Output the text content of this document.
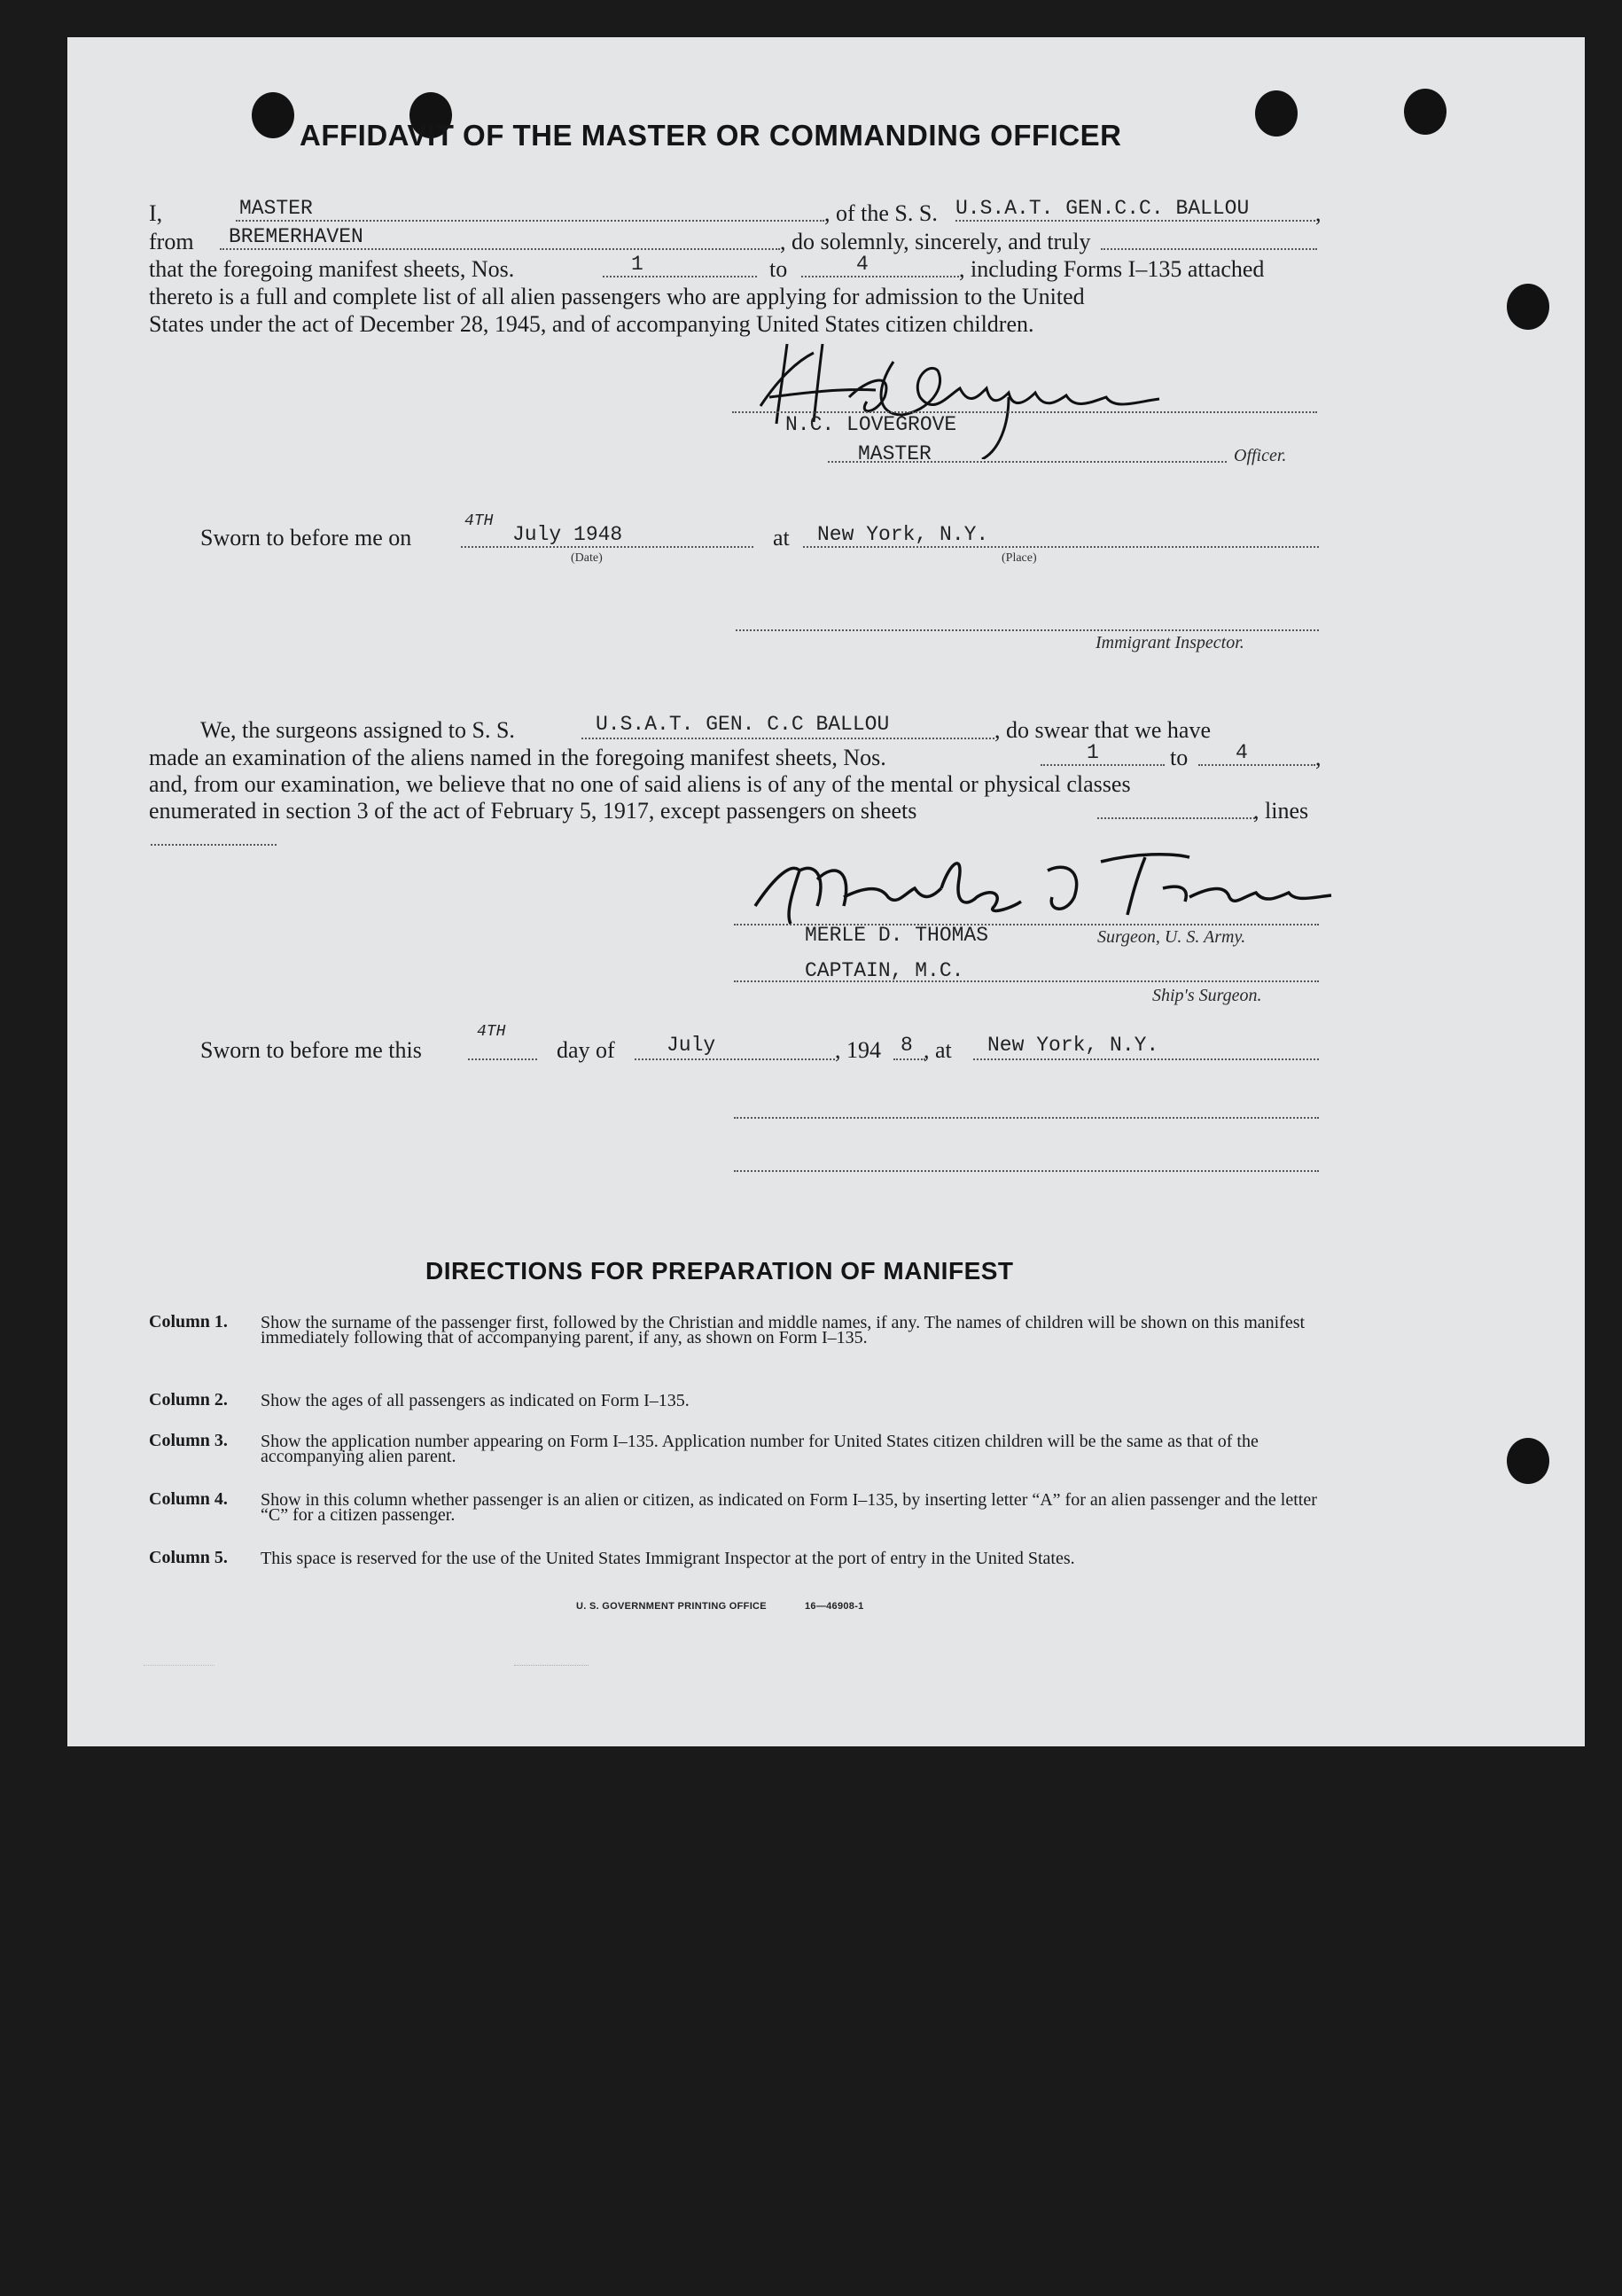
AFFIDAVIT OF THE MASTER OR COMMANDING OFFICER
I,	MASTER	, of the S. S. U.S.A.T. GEN.C.C. BALLOU	,
from BREMERHAVEN	, do solemnly, sincerely, and truly
that the foregoing manifest sheets, Nos.	1	to	4	, including Forms I–135 attached
thereto is a full and complete list of all alien passengers who are applying for admission to the United
States under the act of December 28, 1945, and of accompanying United States citizen children.
N.C. LOVEGROVE
MASTER	Officer.
Sworn to before me on
4TH
July 1948
(Date)
at New York, N.Y.
(Place)
Immigrant Inspector.
We, the surgeons assigned to S. S.	U.S.A.T. GEN. C.C BALLOU	, do swear that we have
made an examination of the aliens named in the foregoing manifest sheets, Nos.	1	to 4	,
and, from our examination, we believe that no one of said aliens is of any of the mental or physical classes
enumerated in section 3 of the act of February 5, 1917, except passengers on sheets	, lines
MERLE D. THOMAS	Surgeon, U. S. Army.
CAPTAIN, M.C.
Ship's Surgeon.
Sworn to before me this
4TH
day of	July	, 194 8 , at New York, N.Y.
DIRECTIONS FOR PREPARATION OF MANIFEST
Column 1. Show the surname of the passenger first, followed by the Christian and middle names, if any. The names of children will be shown on this manifest immediately following that of accompanying parent, if any, as shown on Form I–135.
Column 2. Show the ages of all passengers as indicated on Form I–135.
Column 3. Show the application number appearing on Form I–135. Application number for United States citizen children will be the same as that of the accompanying alien parent.
Column 4. Show in this column whether passenger is an alien or citizen, as indicated on Form I–135, by inserting letter “A” for an alien passenger and the letter “C” for a citizen passenger.
Column 5. This space is reserved for the use of the United States Immigrant Inspector at the port of entry in the United States.
U. S. GOVERNMENT PRINTING OFFICE	16—46908-1
